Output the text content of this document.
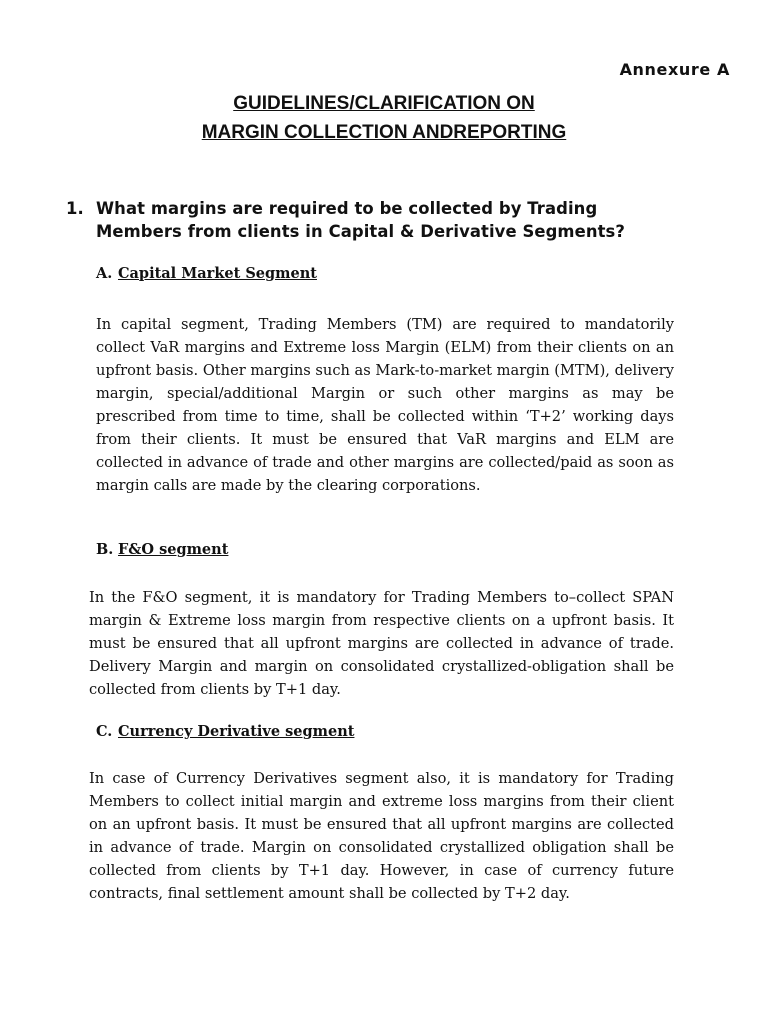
Annexure A
GUIDELINES/CLARIFICATION ON
MARGIN COLLECTION ANDREPORTING
1. What margins are required to be collected by Trading Members from clients in Capital & Derivative Segments?
A. Capital Market Segment
In capital segment, Trading Members (TM) are required to mandatorily collect VaR margins and Extreme loss Margin (ELM) from their clients on an upfront basis. Other margins such as Mark-to-market margin (MTM), delivery margin, special/additional Margin or such other margins as may be prescribed from time to time, shall be collected within ‘T+2’ working days from their clients. It must be ensured that VaR margins and ELM are collected in advance of trade and other margins are collected/paid as soon as margin calls are made by the clearing corporations.
B. F&O segment
In the F&O segment, it is mandatory for Trading Members to–collect SPAN margin & Extreme loss margin from respective clients on a upfront basis. It must be ensured that all upfront margins are collected in advance of trade. Delivery Margin and margin on consolidated crystallized-obligation shall be collected from clients by T+1 day.
C. Currency Derivative segment
In case of Currency Derivatives segment also, it is mandatory for Trading Members to collect initial margin and extreme loss margins from their client on an upfront basis. It must be ensured that all upfront margins are collected in advance of trade. Margin on consolidated crystallized obligation shall be collected from clients by T+1 day. However, in case of currency future contracts, final settlement amount shall be collected by T+2 day.
